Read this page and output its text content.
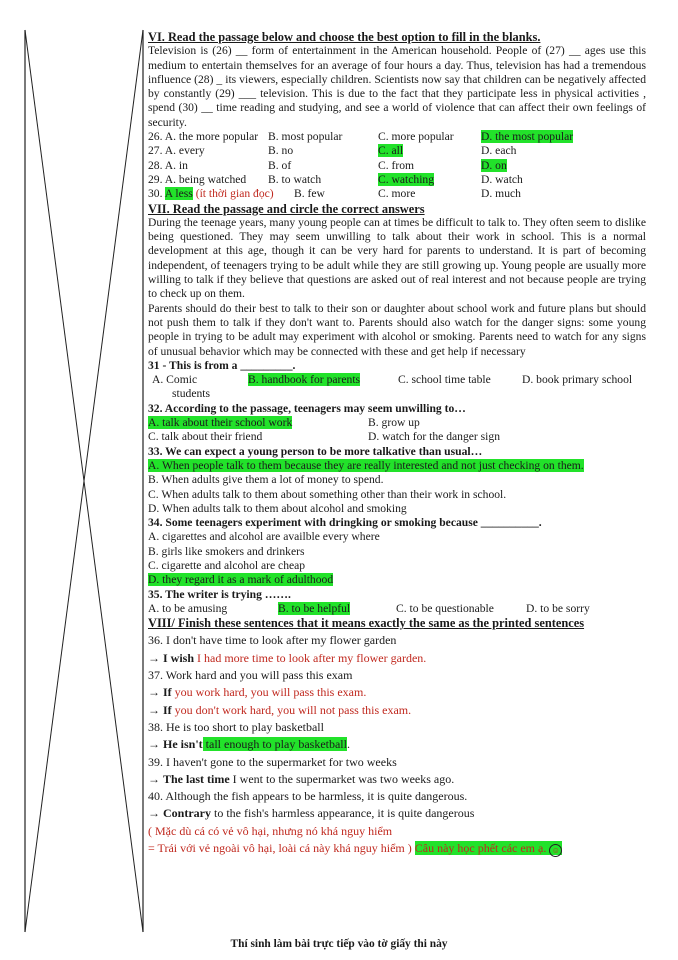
VI. Read the passage below and choose the best option to fill in the blanks.
Television is (26) __ form of entertainment in the American household. People of (27) __ ages use this medium to entertain themselves for an average of four hours a day. Thus, television has had a tremendous influence (28) _ its viewers, especially children. Scientists now say that children can be negatively affected by constantly (29) ___ television. This is due to the fact that they participate less in physical activities , spend (30) __ time reading and studying, and see a world of violence that can affect their own feelings of security.
26. A. the more popular B. most popular	C. more popular	D. the most popular
27. A. every	B. no	C. all	D. each
28. A. in	B. of	C. from	D. on
29. A. being watched	B. to watch	C. watching	D. watch
30. A less (ít thời gian đọc)	B. few	C. more	D. much
VII. Read the passage and circle the correct answers
During the teenage years, many young people can at times be difficult to talk to. They often seem to dislike being questioned. They may seem unwilling to talk about their work in school. This is a normal development at this age, though it can be very hard for parents to understand. It is part of becoming independent, of teenagers trying to be adult while they are still growing up. Young people are usually more willing to talk if they believe that questions are asked out of real interest and not because people are trying to check up on them.
Parents should do their best to talk to their son or daughter about school work and future plans but should not push them to talk if they don't want to. Parents should also watch for the danger signs: some young people in trying to be adult may experiment with alcohol or smoking. Parents need to watch for any signs of unusual behavior which may be connected with these and get help if necessary
31 - This is from a _________.
A. Comic	B. handbook for parents	C. school time table	D. book primary school
students
32. According to the passage, teenagers may seem unwilling to…
A. talk about their school work	B. grow up
C. talk about their friend	D. watch for the danger sign
33. We can expect a young person to be more talkative than usual…
A. When people talk to them because they are really interested and not just checking on them.
B. When adults give them a lot of money to spend.
C. When adults talk to them about something other than their work in school.
D. When adults talk to them about alcohol and smoking
34. Some teenagers experiment with dringking or smoking because __________.
A. cigarettes and alcohol are availble every where
B. girls like smokers and drinkers
C. cigarette and alcohol are cheap
D. they regard it as a mark of adulthood
35. The writer is trying …….
A. to be amusing	B. to be helpful	C. to be questionable	D. to be sorry
VIII/ Finish these sentences that it means exactly the same as the printed sentences
36. I don't have time to look after my flower garden
→ I wish I had more time to look after my flower garden.
37. Work hard and you will pass this exam
→ If you work hard, you will pass this exam.
→ If you don't work hard, you will not pass this exam.
38. He is too short to play basketball
→ He isn't tall enough to play basketball.
39. I haven't gone to the supermarket for two weeks
→ The last time I went to the supermarket was two weeks ago.
40. Although the fish appears to be harmless, it is quite dangerous.
→ Contrary to the fish's harmless appearance, it is quite dangerous
( Mặc dù cá có vẻ vô hại, nhưng nó khá nguy hiểm
= Trái với vẻ ngoài vô hại, loài cá này khá nguy hiểm ) Câu này học phết các em ạ. ☺
Thí sinh làm bài trực tiếp vào tờ giấy thi này
